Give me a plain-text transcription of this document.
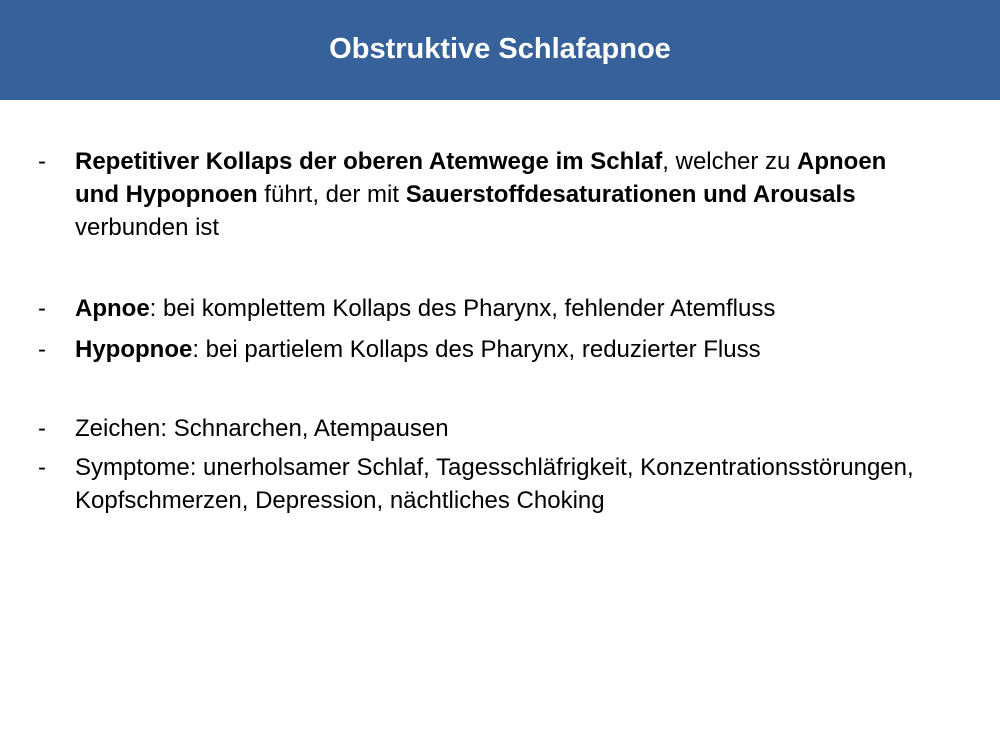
Obstruktive Schlafapnoe
-	Repetitiver Kollaps der oberen Atemwege im Schlaf, welcher zu Apnoen und Hypopnoen führt, der mit Sauerstoffdesaturationen und Arousals verbunden ist
-	Apnoe: bei komplettem Kollaps des Pharynx, fehlender Atemfluss
-	Hypopnoe: bei partielem Kollaps des Pharynx, reduzierter Fluss
-	Zeichen: Schnarchen, Atempausen
-	Symptome: unerholsamer Schlaf, Tagesschläfrigkeit, Konzentrationsstörungen, Kopfschmerzen, Depression, nächtliches Choking
